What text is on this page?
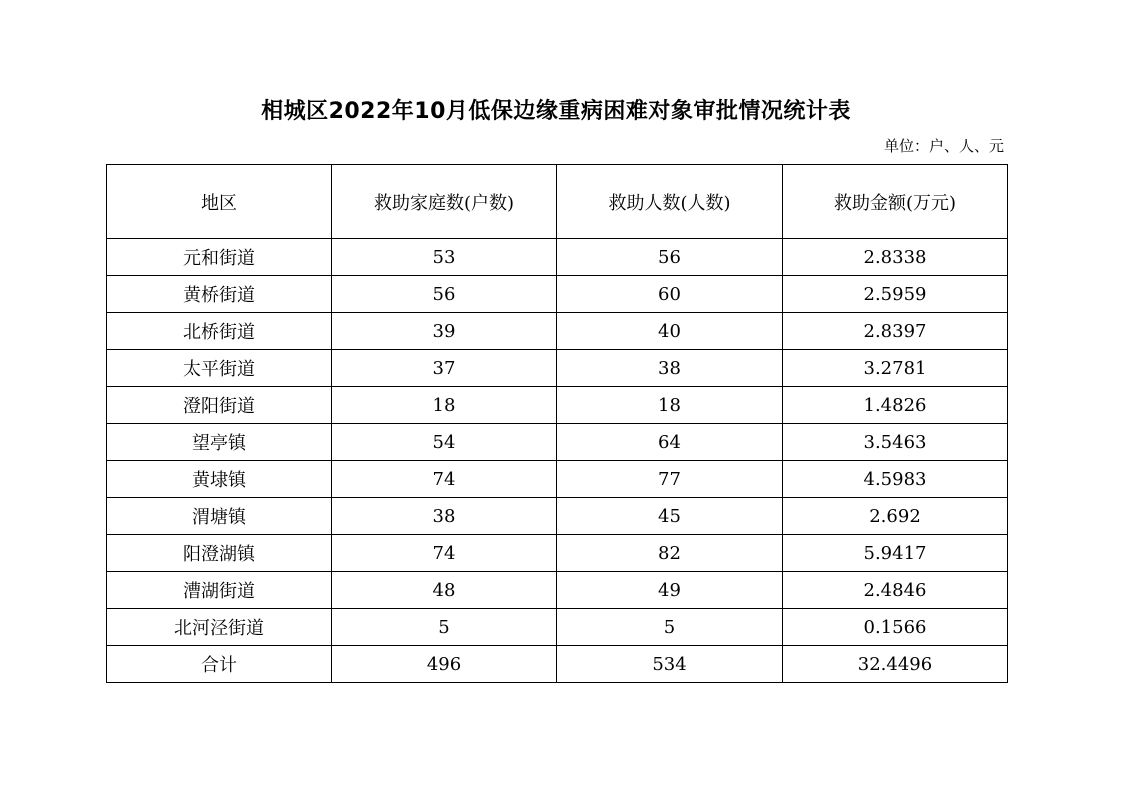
相城区2022年10月低保边缘重病困难对象审批情况统计表
单位：户、人、元
地区	救助家庭数(户数)	救助人数(人数)	救助金额(万元)
元和街道	53	56	2.8338
黄桥街道	56	60	2.5959
北桥街道	39	40	2.8397
太平街道	37	38	3.2781
澄阳街道	18	18	1.4826
望亭镇	54	64	3.5463
黄埭镇	74	77	4.5983
渭塘镇	38	45	2.692
阳澄湖镇	74	82	5.9417
漕湖街道	48	49	2.4846
北河泾街道	5	5	0.1566
合计	496	534	32.4496
